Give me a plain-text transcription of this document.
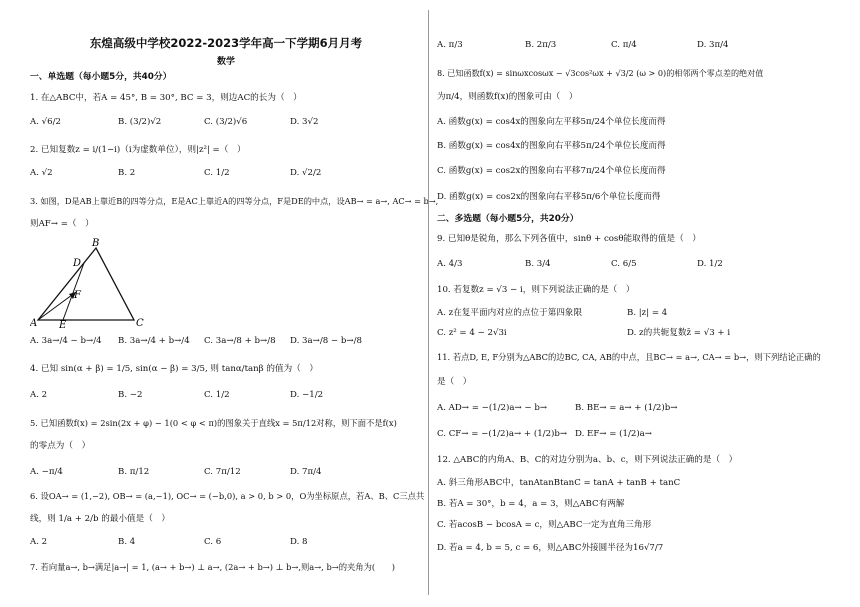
东煌高级中学校2022-2023学年高一下学期6月月考
数学
一、单选题（每小题5分，共40分）
1. 在△ABC中，若A = 45°, B = 30°, BC = 3，则边AC的长为（　）
A. √6/2	B. (3/2)√2	C. (3/2)√6	D. 3√2
2. 已知复数z = i/(1−i)（i为虚数单位），则|z²| =（　）
A. √2	B. 2	C. 1/2	D. √2/2
3. 如图，D是AB上靠近B的四等分点，E是AC上靠近A的四等分点，F是DE的中点，设AB→ = a→, AC→ = b→,
则AF→ =（　）
B
D
F
A E	C
A. 3a→/4 − b→/4 B. 3a→/4 + b→/4 C. 3a→/8 + b→/8 D. 3a→/8 − b→/8
4. 已知 sin(α + β) = 1/5, sin(α − β) = 3/5, 则 tanα/tanβ 的值为（　）
A. 2	B. −2	C. 1/2	D. −1/2
5. 已知函数f(x) = 2sin(2x + φ) − 1(0 < φ < π)的图象关于直线x = 5π/12对称，则下面不是f(x)
的零点为（　）
A. −π/4	B. π/12	C. 7π/12	D. 7π/4
6. 设OA→ = (1,−2), OB→ = (a,−1), OC→ = (−b,0), a > 0, b > 0，O为坐标原点，若A、B、C三点共
线，则 1/a + 2/b 的最小值是（　）
A. 2	B. 4	C. 6	D. 8
7. 若向量a→, b→满足|a→| = 1, (a→ + b→) ⊥ a→, (2a→ + b→) ⊥ b→,则a→, b→的夹角为(　　)
A. π/3	B. 2π/3	C. π/4	D. 3π/4
8. 已知函数f(x) = sinωxcosωx − √3cos²ωx + √3/2 (ω > 0)的相邻两个零点差的绝对值
为π/4，则函数f(x)的图象可由（　）
A. 函数g(x) = cos4x的图象向左平移5π/24个单位长度而得
B. 函数g(x) = cos4x的图象向右平移5π/24个单位长度而得
C. 函数g(x) = cos2x的图象向右平移7π/24个单位长度而得
D. 函数g(x) = cos2x的图象向右平移5π/6个单位长度而得
二、多选题（每小题5分，共20分）
9. 已知θ是锐角，那么下列各值中，sinθ + cosθ能取得的值是（　）
A. 4/3	B. 3/4	C. 6/5	D. 1/2
10. 若复数z = √3 − i，则下列说法正确的是（　）
A. z在复平面内对应的点位于第四象限	B. |z| = 4
C. z² = 4 − 2√3i	D. z的共轭复数z̄ = √3 + i
11. 若点D, E, F分别为△ABC的边BC, CA, AB的中点，且BC→ = a→, CA→ = b→，则下列结论正确的
是（　）
A. AD→ = −(1/2)a→ − b→	B. BE→ = a→ + (1/2)b→
C. CF→ = −(1/2)a→ + (1/2)b→ D. EF→ = (1/2)a→
12. △ABC的内角A、B、C的对边分别为a、b、c，则下列说法正确的是（　）
A. 斜三角形ABC中，tanAtanBtanC = tanA + tanB + tanC
B. 若A = 30°，b = 4，a = 3，则△ABC有两解
C. 若acosB − bcosA = c，则△ABC一定为直角三角形
D. 若a = 4, b = 5, c = 6，则△ABC外接圆半径为16√7/7
